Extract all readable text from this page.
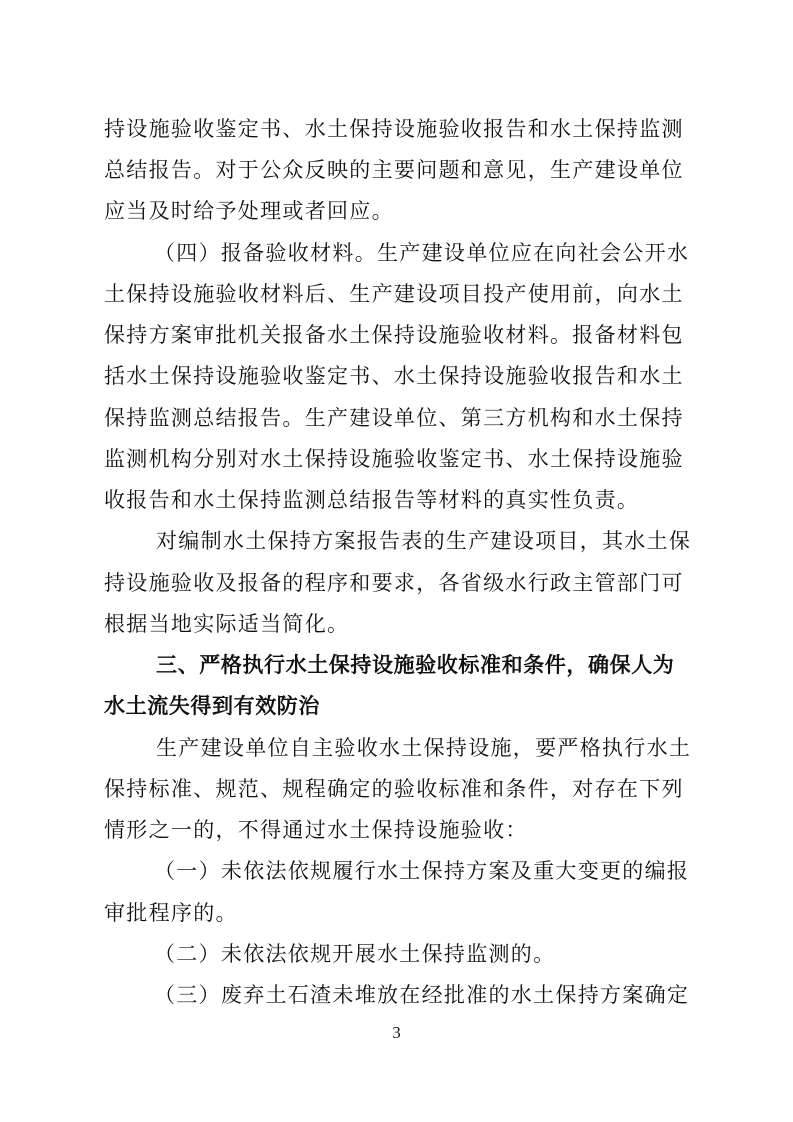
持设施验收鉴定书、水土保持设施验收报告和水土保持监测
总结报告。对于公众反映的主要问题和意见，生产建设单位
应当及时给予处理或者回应。
（四）报备验收材料。生产建设单位应在向社会公开水
土保持设施验收材料后、生产建设项目投产使用前，向水土
保持方案审批机关报备水土保持设施验收材料。报备材料包
括水土保持设施验收鉴定书、水土保持设施验收报告和水土
保持监测总结报告。生产建设单位、第三方机构和水土保持
监测机构分别对水土保持设施验收鉴定书、水土保持设施验
收报告和水土保持监测总结报告等材料的真实性负责。
对编制水土保持方案报告表的生产建设项目，其水土保
持设施验收及报备的程序和要求，各省级水行政主管部门可
根据当地实际适当简化。
三、严格执行水土保持设施验收标准和条件，确保人为
水土流失得到有效防治
生产建设单位自主验收水土保持设施，要严格执行水土
保持标准、规范、规程确定的验收标准和条件，对存在下列
情形之一的，不得通过水土保持设施验收：
（一）未依法依规履行水土保持方案及重大变更的编报
审批程序的。
（二）未依法依规开展水土保持监测的。
（三）废弃土石渣未堆放在经批准的水土保持方案确定
3
